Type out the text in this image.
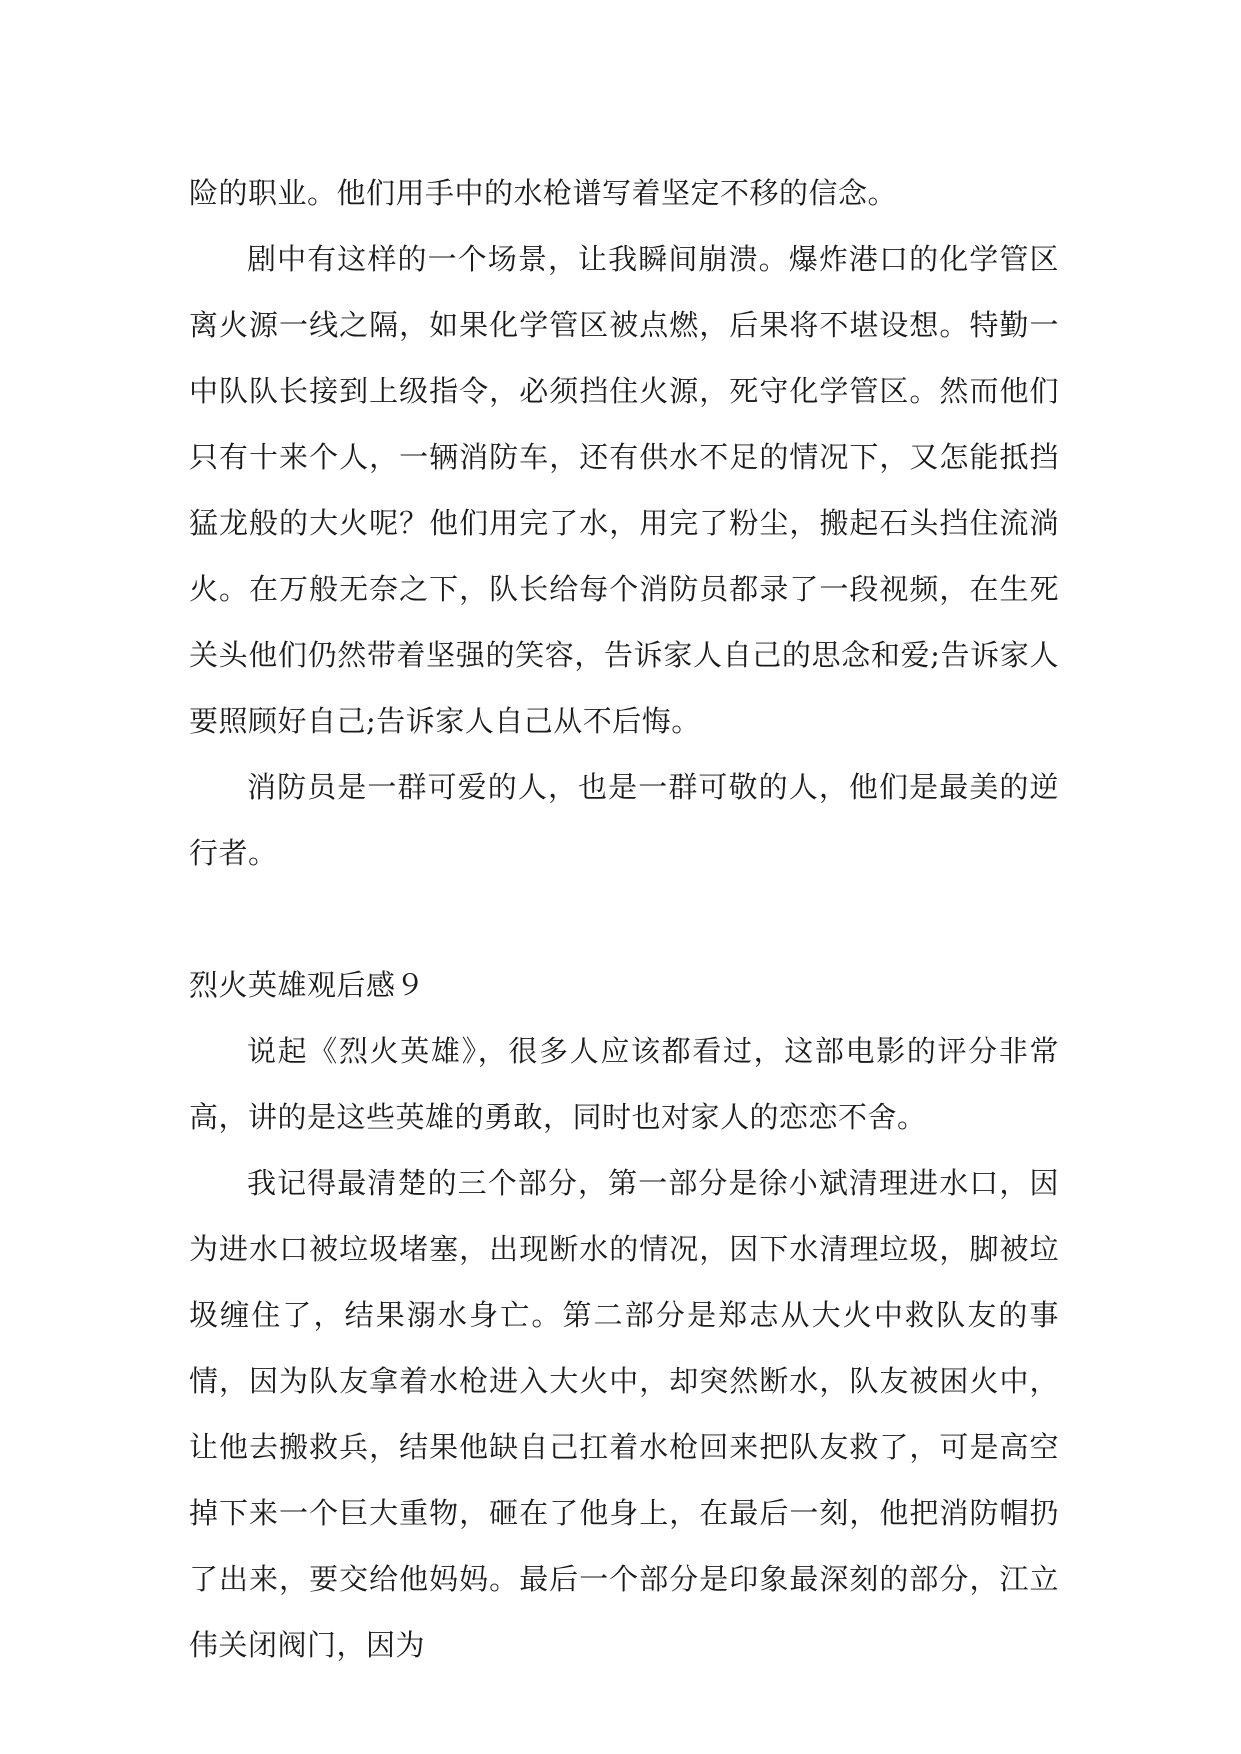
险的职业。他们用手中的水枪谱写着坚定不移的信念。

剧中有这样的一个场景，让我瞬间崩溃。爆炸港口的化学管区离火源一线之隔，如果化学管区被点燃，后果将不堪设想。特勤一中队队长接到上级指令，必须挡住火源，死守化学管区。然而他们只有十来个人，一辆消防车，还有供水不足的情况下，又怎能抵挡猛龙般的大火呢？他们用完了水，用完了粉尘，搬起石头挡住流淌火。在万般无奈之下，队长给每个消防员都录了一段视频，在生死关头他们仍然带着坚强的笑容，告诉家人自己的思念和爱;告诉家人要照顾好自己;告诉家人自己从不后悔。

消防员是一群可爱的人，也是一群可敬的人，他们是最美的逆行者。

烈火英雄观后感９

说起《烈火英雄》，很多人应该都看过，这部电影的评分非常高，讲的是这些英雄的勇敢，同时也对家人的恋恋不舍。

我记得最清楚的三个部分，第一部分是徐小斌清理进水口，因为进水口被垃圾堵塞，出现断水的情况，因下水清理垃圾，脚被垃圾缠住了，结果溺水身亡。第二部分是郑志从大火中救队友的事情，因为队友拿着水枪进入大火中，却突然断水，队友被困火中，让他去搬救兵，结果他缺自己扛着水枪回来把队友救了，可是高空掉下来一个巨大重物，砸在了他身上，在最后一刻，他把消防帽扔了出来，要交给他妈妈。最后一个部分是印象最深刻的部分，江立伟关闭阀门，因为
